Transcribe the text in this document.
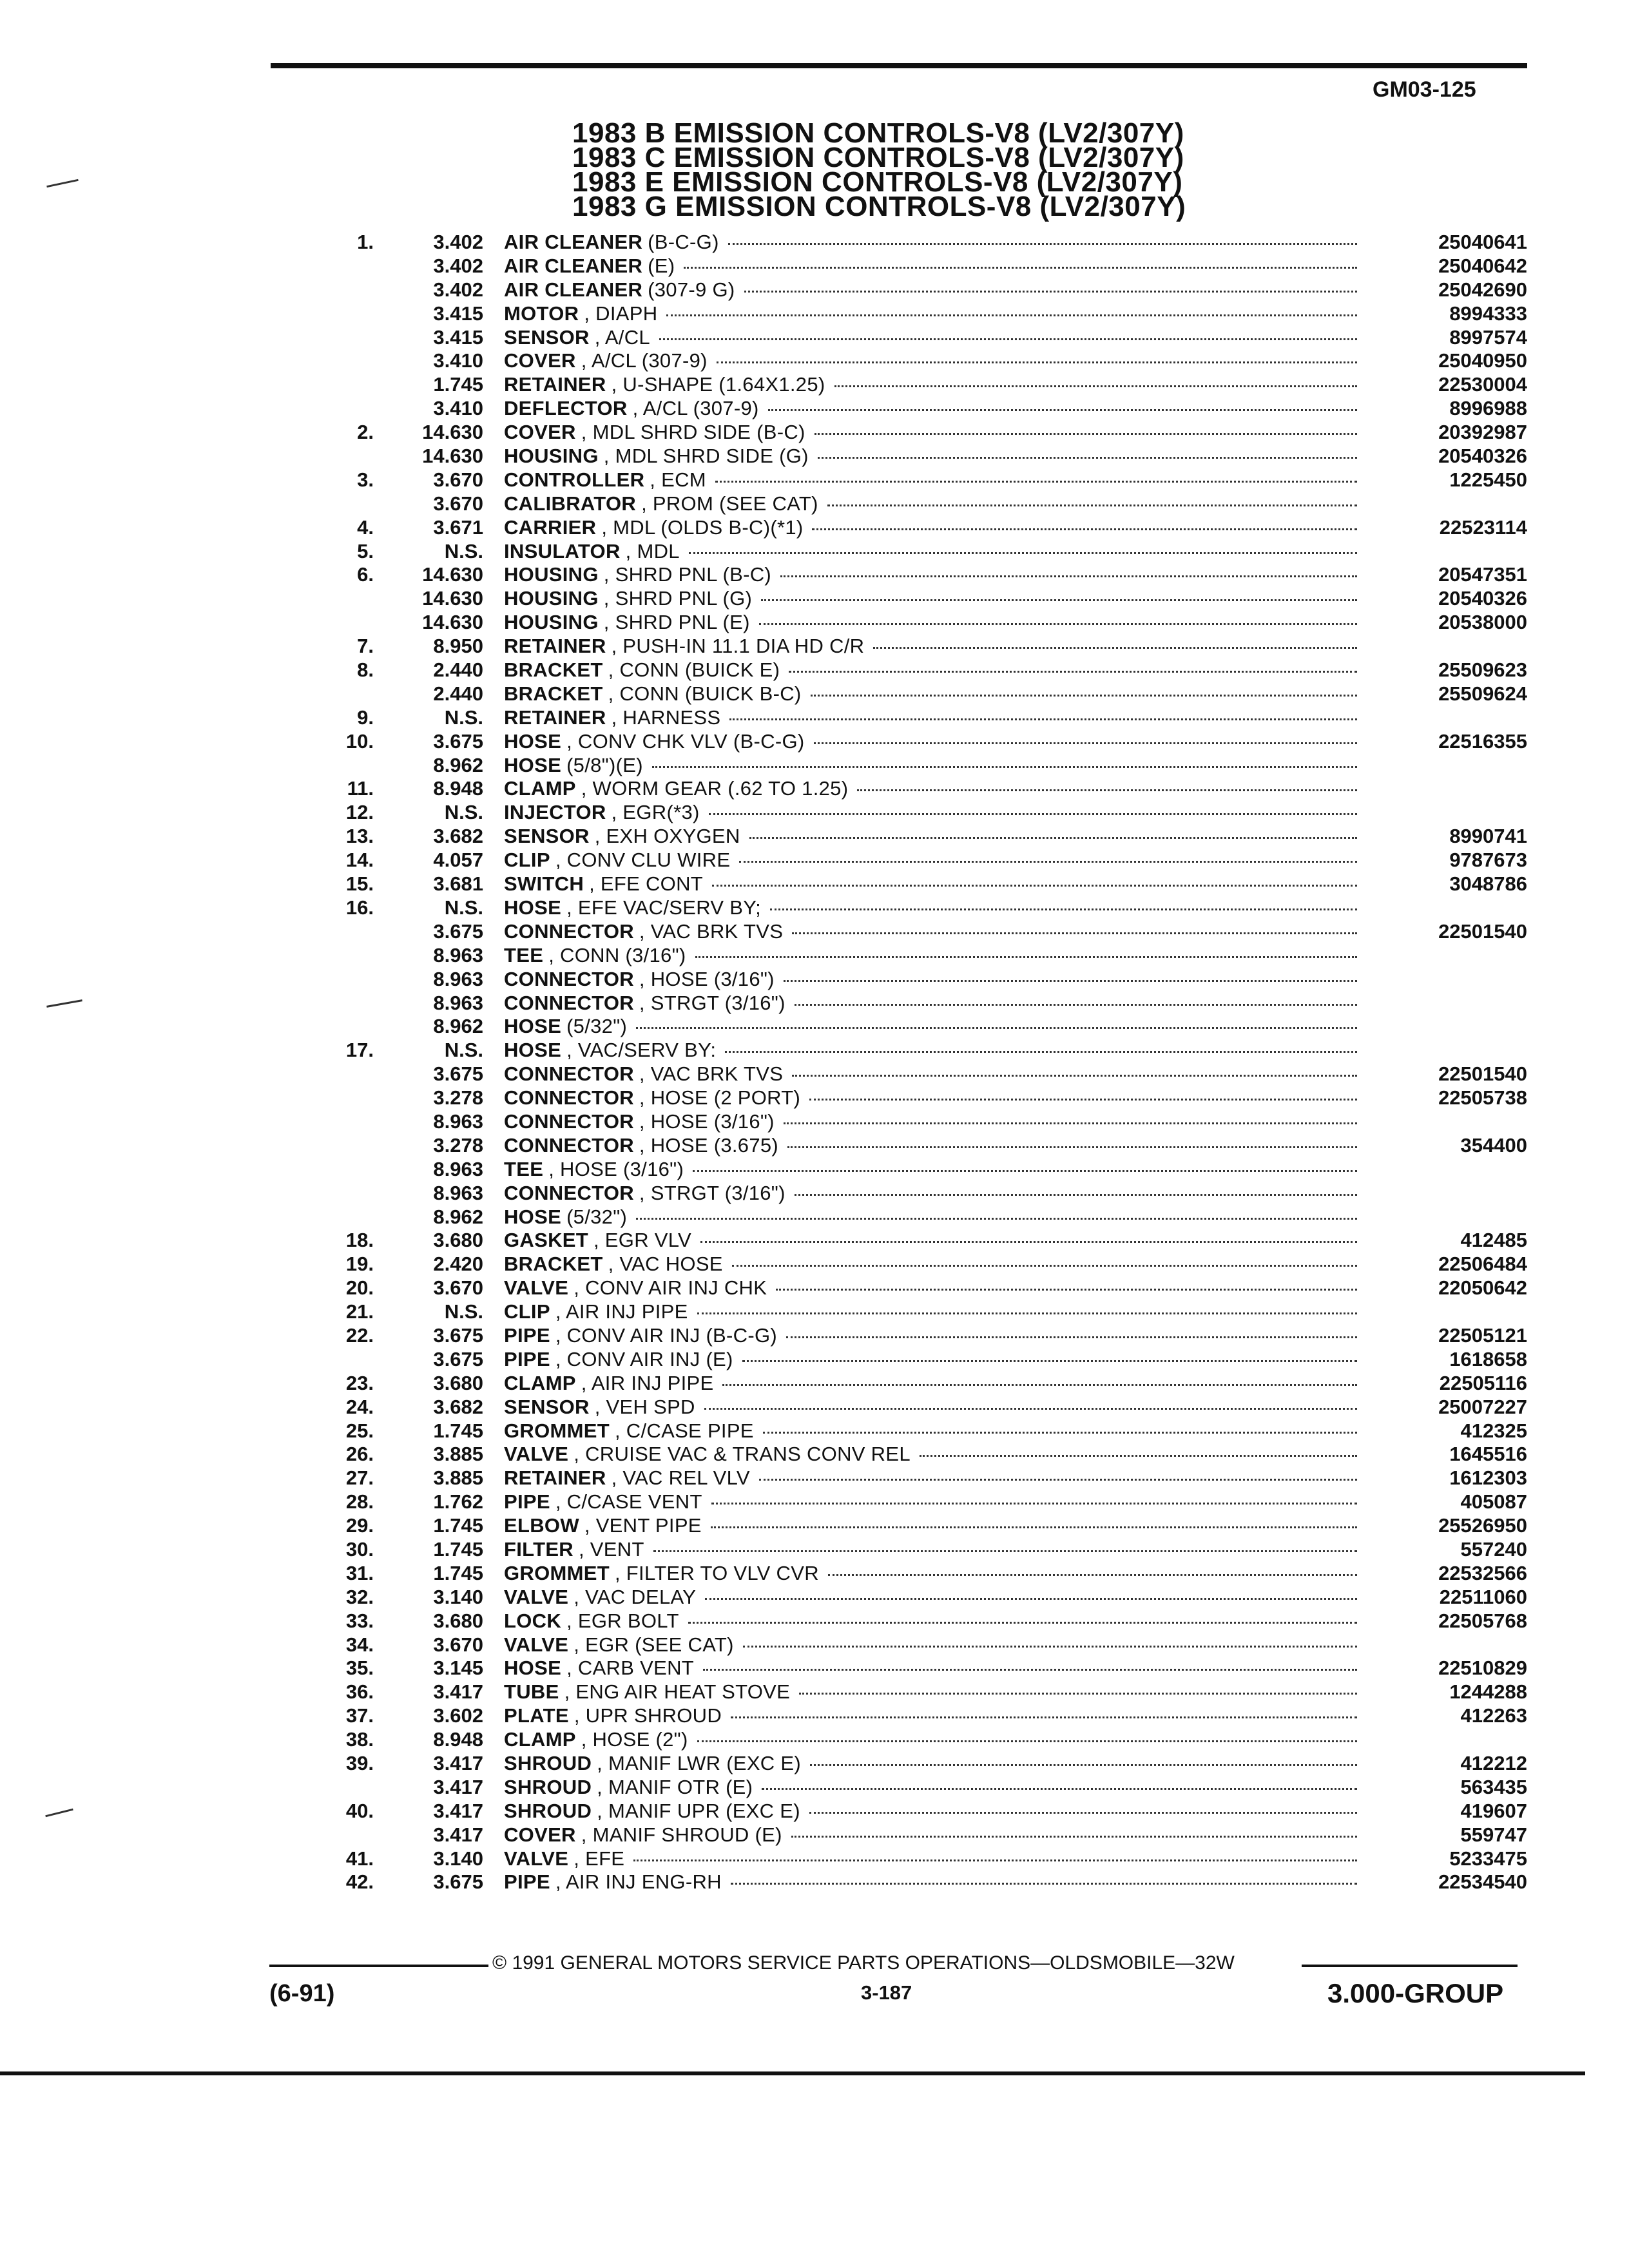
GM03-125
1983 B EMISSION CONTROLS-V8 (LV2/307Y)
1983 C EMISSION CONTROLS-V8 (LV2/307Y)
1983 E EMISSION CONTROLS-V8 (LV2/307Y)
1983 G EMISSION CONTROLS-V8 (LV2/307Y)
1.	3.402 AIR CLEANER (B-C-G)	25040641
3.402 AIR CLEANER (E)	25040642
3.402 AIR CLEANER (307-9 G)	25042690
3.415 MOTOR , DIAPH	8994333
3.415 SENSOR , A/CL	8997574
3.410 COVER , A/CL (307-9)	25040950
1.745 RETAINER , U-SHAPE (1.64X1.25)	22530004
3.410 DEFLECTOR , A/CL (307-9)	8996988
2.	14.630 COVER , MDL SHRD SIDE (B-C)	20392987
14.630 HOUSING , MDL SHRD SIDE (G)	20540326
3.	3.670 CONTROLLER , ECM	1225450
3.670 CALIBRATOR , PROM (SEE CAT)
4.	3.671 CARRIER , MDL (OLDS B-C)(*1)	22523114
5.	N.S. INSULATOR , MDL
6.	14.630 HOUSING , SHRD PNL (B-C)	20547351
14.630 HOUSING , SHRD PNL (G)	20540326
14.630 HOUSING , SHRD PNL (E)	20538000
7.	8.950 RETAINER , PUSH-IN 11.1 DIA HD C/R
8.	2.440 BRACKET , CONN (BUICK E)	25509623
2.440 BRACKET , CONN (BUICK B-C)	25509624
9.	N.S. RETAINER , HARNESS
10.	3.675 HOSE , CONV CHK VLV (B-C-G)	22516355
8.962 HOSE (5/8")(E)
11.	8.948 CLAMP , WORM GEAR (.62 TO 1.25)
12.	N.S. INJECTOR , EGR(*3)
13.	3.682 SENSOR , EXH OXYGEN	8990741
14.	4.057 CLIP , CONV CLU WIRE	9787673
15.	3.681 SWITCH , EFE CONT	3048786
16.	N.S. HOSE , EFE VAC/SERV BY;
3.675 CONNECTOR , VAC BRK TVS	22501540
8.963 TEE , CONN (3/16")
8.963 CONNECTOR , HOSE (3/16")
8.963 CONNECTOR , STRGT (3/16")
8.962 HOSE (5/32")
17.	N.S. HOSE , VAC/SERV BY:
3.675 CONNECTOR , VAC BRK TVS	22501540
3.278 CONNECTOR , HOSE (2 PORT)	22505738
8.963 CONNECTOR , HOSE (3/16")
3.278 CONNECTOR , HOSE (3.675)	354400
8.963 TEE , HOSE (3/16")
8.963 CONNECTOR , STRGT (3/16")
8.962 HOSE (5/32")
18.	3.680 GASKET , EGR VLV	412485
19.	2.420 BRACKET , VAC HOSE	22506484
20.	3.670 VALVE , CONV AIR INJ CHK	22050642
21.	N.S. CLIP , AIR INJ PIPE
22.	3.675 PIPE , CONV AIR INJ (B-C-G)	22505121
3.675 PIPE , CONV AIR INJ (E)	1618658
23.	3.680 CLAMP , AIR INJ PIPE	22505116
24.	3.682 SENSOR , VEH SPD	25007227
25.	1.745 GROMMET , C/CASE PIPE	412325
26.	3.885 VALVE , CRUISE VAC & TRANS CONV REL	1645516
27.	3.885 RETAINER , VAC REL VLV	1612303
28.	1.762 PIPE , C/CASE VENT	405087
29.	1.745 ELBOW , VENT PIPE	25526950
30.	1.745 FILTER , VENT	557240
31.	1.745 GROMMET , FILTER TO VLV CVR	22532566
32.	3.140 VALVE , VAC DELAY	22511060
33.	3.680 LOCK , EGR BOLT	22505768
34.	3.670 VALVE , EGR (SEE CAT)
35.	3.145 HOSE , CARB VENT	22510829
36.	3.417 TUBE , ENG AIR HEAT STOVE	1244288
37.	3.602 PLATE , UPR SHROUD	412263
38.	8.948 CLAMP , HOSE (2")
39.	3.417 SHROUD , MANIF LWR (EXC E)	412212
3.417 SHROUD , MANIF OTR (E)	563435
40.	3.417 SHROUD , MANIF UPR (EXC E)	419607
3.417 COVER , MANIF SHROUD (E)	559747
41.	3.140 VALVE , EFE	5233475
42.	3.675 PIPE , AIR INJ ENG-RH	22534540
© 1991 GENERAL MOTORS SERVICE PARTS OPERATIONS—OLDSMOBILE—32W
(6-91)	3-187	3.000-GROUP
